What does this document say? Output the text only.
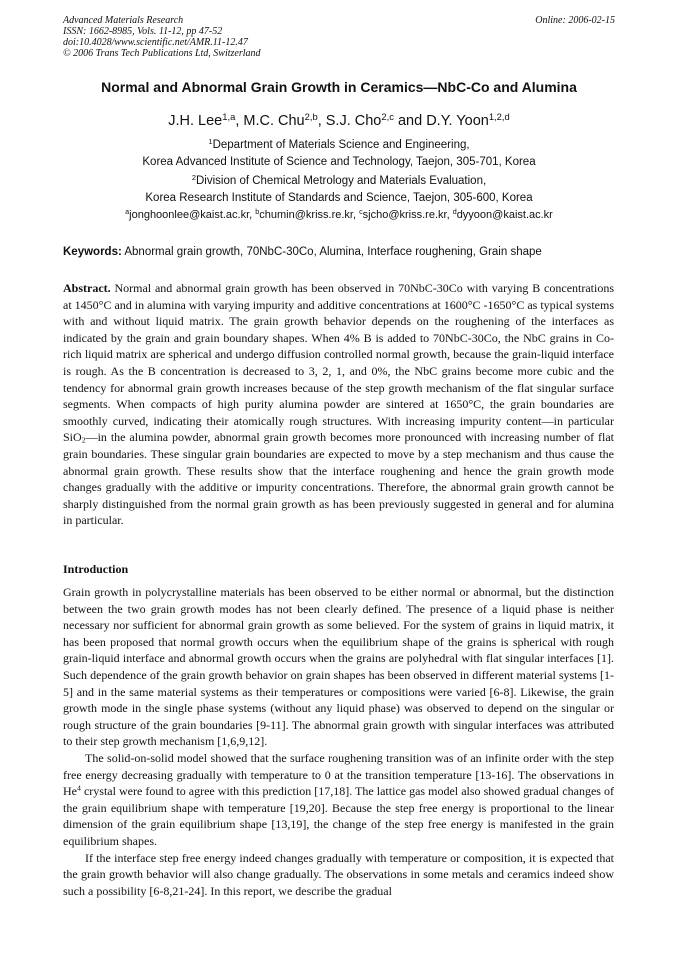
Advanced Materials Research
ISSN: 1662-8985, Vols. 11-12, pp 47-52
doi:10.4028/www.scientific.net/AMR.11-12.47
© 2006 Trans Tech Publications Ltd, Switzerland
Online: 2006-02-15
Normal and Abnormal Grain Growth in Ceramics—NbC-Co and Alumina
J.H. Lee$^{1,a}$, M.C. Chu$^{2,b}$, S.J. Cho$^{2,c}$ and D.Y. Yoon$^{1,2,d}$
$^1$Department of Materials Science and Engineering,
Korea Advanced Institute of Science and Technology, Taejon, 305-701, Korea
$^2$Division of Chemical Metrology and Materials Evaluation,
Korea Research Institute of Standards and Science, Taejon, 305-600, Korea
$^a$jonghoonlee@kaist.ac.kr, $^b$chumin@kriss.re.kr, $^c$sjcho@kriss.re.kr, $^d$dyyoon@kaist.ac.kr
Keywords: Abnormal grain growth, 70NbC-30Co, Alumina, Interface roughening, Grain shape
Abstract. Normal and abnormal grain growth has been observed in 70NbC-30Co with varying B concentrations at 1450°C and in alumina with varying impurity and additive concentrations at 1600°C -1650°C as typical systems with and without liquid matrix. The grain growth behavior depends on the roughening of the interfaces as indicated by the grain and grain boundary shapes. When 4% B is added to 70NbC-30Co, the NbC grains in Co-rich liquid matrix are spherical and undergo diffusion controlled normal growth, because the grain-liquid interface is rough. As the B concentration is decreased to 3, 2, 1, and 0%, the NbC grains become more cubic and the tendency for abnormal grain growth increases because of the step growth mechanism of the flat singular surface segments. When compacts of high purity alumina powder are sintered at 1650°C, the grain boundaries are smoothly curved, indicating their atomically rough structures. With increasing impurity content—in particular SiO$_2$—in the alumina powder, abnormal grain growth becomes more pronounced with increasing number of flat grain boundaries. These singular grain boundaries are expected to move by a step mechanism and thus cause the abnormal grain growth. These results show that the interface roughening and hence the grain growth mode changes gradually with the additive or impurity concentrations. Therefore, the abnormal grain growth cannot be sharply distinguished from the normal grain growth as has been previously suggested in general and for alumina in particular.
Introduction

Grain growth in polycrystalline materials has been observed to be either normal or abnormal, but the distinction between the two grain growth modes has not been clearly defined. The presence of a liquid phase is neither necessary nor sufficient for abnormal grain growth as some believed. For the system of grains in liquid matrix, it has been proposed that normal growth occurs when the equilibrium shape of the grains is spherical with rough grain-liquid interface and abnormal growth occurs when the grains are polyhedral with flat singular interfaces [1]. Such dependence of the grain growth behavior on grain shapes has been observed in different material systems [1-5] and in the same material systems as their temperatures or compositions were varied [6-8]. Likewise, the grain growth mode in the single phase systems (without any liquid phase) was observed to depend on the singular or rough structure of the grain boundaries [9-11]. The abnormal grain growth with singular interfaces was attributed to their step growth mechanism [1,6,9,12].

The solid-on-solid model showed that the surface roughening transition was of an infinite order with the step free energy decreasing gradually with temperature to 0 at the transition temperature [13-16]. The observations in He$^4$ crystal were found to agree with this prediction [17,18]. The lattice gas model also showed gradual changes of the grain equilibrium shape with temperature [19,20]. Because the step free energy is proportional to the linear dimension of the grain equilibrium shape [13,19], the change of the step free energy is manifested in the grain equilibrium shapes.

If the interface step free energy indeed changes gradually with temperature or composition, it is expected that the grain growth behavior will also change gradually. The observations in some metals and ceramics indeed show such a possibility [6-8,21-24]. In this report, we describe the gradual
